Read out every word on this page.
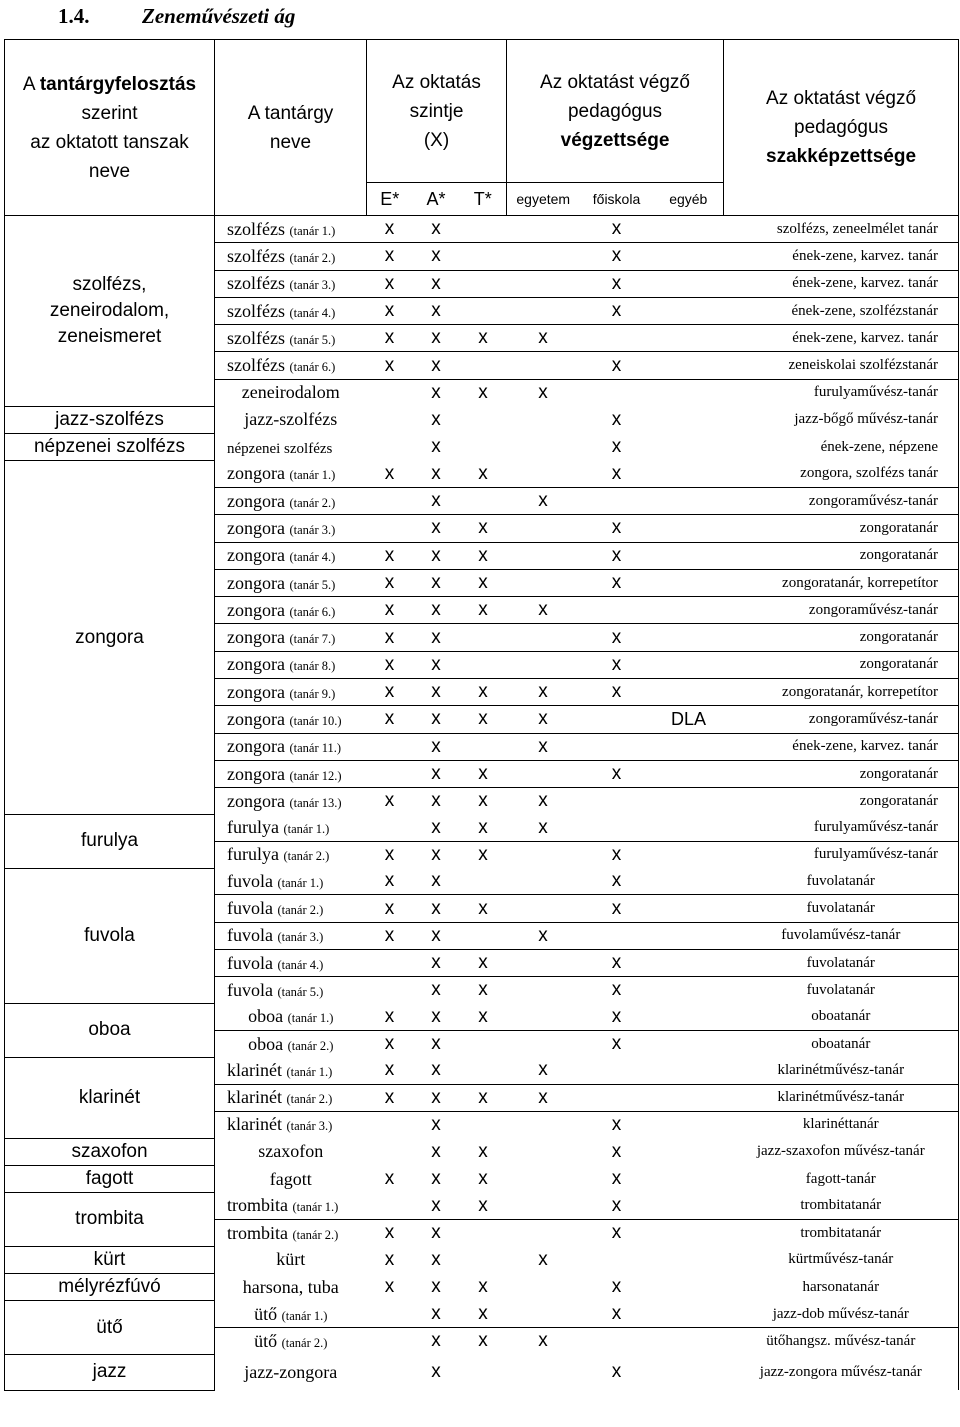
1.4.	Zeneművészeti ág
A tantárgyfelosztás szerint
az oktatott tanszak
neve	A tantárgy
neve	Az oktatás
szintje
(X)			Az oktatást végző
pedagógus
végzettsége			Az oktatást végző
pedagógus
szakképzettsége
		E*	A*	T*	egyetem	főiskola	egyéb	
szolfézs,
zeneirodalom,
zeneismeret	szolfézs (tanár 1.)	x	x			x		szolfézs, zeneelmélet tanár
	szolfézs (tanár 2.)	x	x			x		ének-zene, karvez. tanár
	szolfézs (tanár 3.)	x	x			x		ének-zene, karvez. tanár
	szolfézs (tanár 4.)	x	x			x		ének-zene, szolfézstanár
	szolfézs (tanár 5.)	x	x	x	x			ének-zene, karvez. tanár
	szolfézs (tanár 6.)	x	x			x		zeneiskolai szolfézstanár
	zeneirodalom		x	x	x			furulyaművész-tanár
jazz-szolfézs	jazz-szolfézs		x			x		jazz-bőgő művész-tanár
népzenei szolfézs	népzenei szolfézs		x			x		ének-zene, népzene
zongora	zongora (tanár 1.)	x	x	x		x		zongora, szolfézs tanár
	zongora (tanár 2.)		x		x			zongoraművész-tanár
	zongora (tanár 3.)		x	x		x		zongoratanár
	zongora (tanár 4.)	x	x	x		x		zongoratanár
	zongora (tanár 5.)	x	x	x		x		zongoratanár, korrepetítor
	zongora (tanár 6.)	x	x	x	x			zongoraművész-tanár
	zongora (tanár 7.)	x	x			x		zongoratanár
	zongora (tanár 8.)	x	x			x		zongoratanár
	zongora (tanár 9.)	x	x	x	x	x		zongoratanár, korrepetítor
	zongora (tanár 10.)	x	x	x	x		DLA	zongoraművész-tanár
	zongora (tanár 11.)		x		x			ének-zene, karvez. tanár
	zongora (tanár 12.)		x	x		x		zongoratanár
	zongora (tanár 13.)	x	x	x	x			zongoratanár
furulya	furulya (tanár 1.)		x	x	x			furulyaművész-tanár
	furulya (tanár 2.)	x	x	x		x		furulyaművész-tanár
fuvola	fuvola (tanár 1.)	x	x			x		fuvolatanár
	fuvola (tanár 2.)	x	x	x		x		fuvolatanár
	fuvola (tanár 3.)	x	x		x			fuvolaművész-tanár
	fuvola (tanár 4.)		x	x		x		fuvolatanár
	fuvola (tanár 5.)		x	x		x		fuvolatanár
oboa	oboa (tanár 1.)	x	x	x		x		oboatanár
	oboa (tanár 2.)	x	x			x		oboatanár
klarinét	klarinét (tanár 1.)	x	x		x			klarinétművész-tanár
	klarinét (tanár 2.)	x	x	x	x			klarinétművész-tanár
	klarinét (tanár 3.)		x			x		klarinéttanár
szaxofon	szaxofon		x	x		x		jazz-szaxofon művész-tanár
fagott	fagott	x	x	x		x		fagott-tanár
trombita	trombita (tanár 1.)		x	x		x		trombitatanár
	trombita (tanár 2.)	x	x			x		trombitatanár
kürt	kürt	x	x		x			kürtművész-tanár
mélyrézfúvó	harsona, tuba	x	x	x		x		harsonatanár
ütő	ütő (tanár 1.)		x	x		x		jazz-dob művész-tanár
	ütő (tanár 2.)		x	x	x			ütőhangsz. művész-tanár
jazz	jazz-zongora		x			x		jazz-zongora művész-tanár
